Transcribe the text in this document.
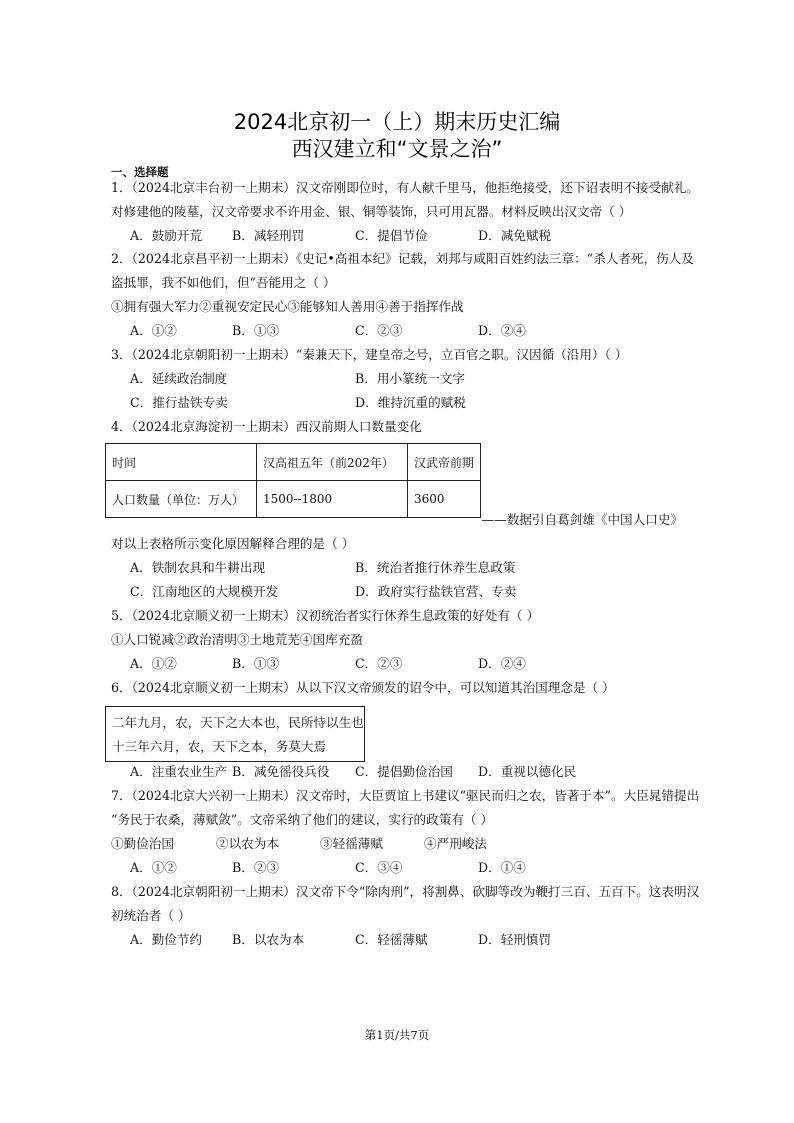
2024北京初一（上）期末历史汇编
西汉建立和“文景之治”
一、选择题
1．（2024北京丰台初一上期末）汉文帝刚即位时，有人献千里马，他拒绝接受，还下诏表明不接受献礼。
对修建他的陵墓，汉文帝要求不许用金、银、铜等装饰，只可用瓦器。材料反映出汉文帝（ ）
A．鼓励开荒 B．减轻刑罚	C．提倡节俭	D．减免赋税
2．（2024北京昌平初一上期末）《史记•高祖本纪》记载，刘邦与咸阳百姓约法三章：“杀人者死，伤人及
盗抵罪，我不如他们，但“吾能用之（ ）
①拥有强大军力②重视安定民心③能够知人善用④善于指挥作战
A．①②	B．①③	C．②③	D．②④
3．（2024北京朝阳初一上期末）“秦兼天下，建皇帝之号，立百官之职。汉因循（沿用）（ ）
A．延续政治制度	B．用小篆统一文字
C．推行盐铁专卖	D．维持沉重的赋税
4．（2024北京海淀初一上期末）西汉前期人口数量变化
时间	汉高祖五年（前202年）	汉武帝前期
人口数量（单位：万人）	1500--1800	3600
——数据引自葛剑雄《中国人口史》
对以上表格所示变化原因解释合理的是（ ）
A．铁制农具和牛耕出现	B．统治者推行休养生息政策
C．江南地区的大规模开发	D．政府实行盐铁官营、专卖
5．（2024北京顺义初一上期末）汉初统治者实行休养生息政策的好处有（ ）
①人口锐减②政治清明③土地荒芜④国库充盈
A．①②	B．①③	C．②③	D．②④
6．（2024北京顺义初一上期末）从以下汉文帝颁发的诏令中，可以知道其治国理念是（ ）
二年九月，农，天下之大本也，民所恃以生也
十三年六月，农，天下之本，务莫大焉
A．注重农业生产 B．减免徭役兵役 C．提倡勤俭治国 D．重视以德化民
7．（2024北京大兴初一上期末）汉文帝时，大臣贾谊上书建议“驱民而归之农，皆著于本”。大臣晁错提出
“务民于农桑，薄赋敛”。文帝采纳了他们的建议，实行的政策有（ ）
①勤俭治国	②以农为本	③轻徭薄赋	④严刑峻法
A．①②	B．②③	C．③④	D．①④
8．（2024北京朝阳初一上期末）汉文帝下令“除肉刑”，将割鼻、砍脚等改为鞭打三百、五百下。这表明汉
初统治者（ ）
A．勤俭节约 B．以农为本	C．轻徭薄赋	D．轻刑慎罚
第1页/共7页
